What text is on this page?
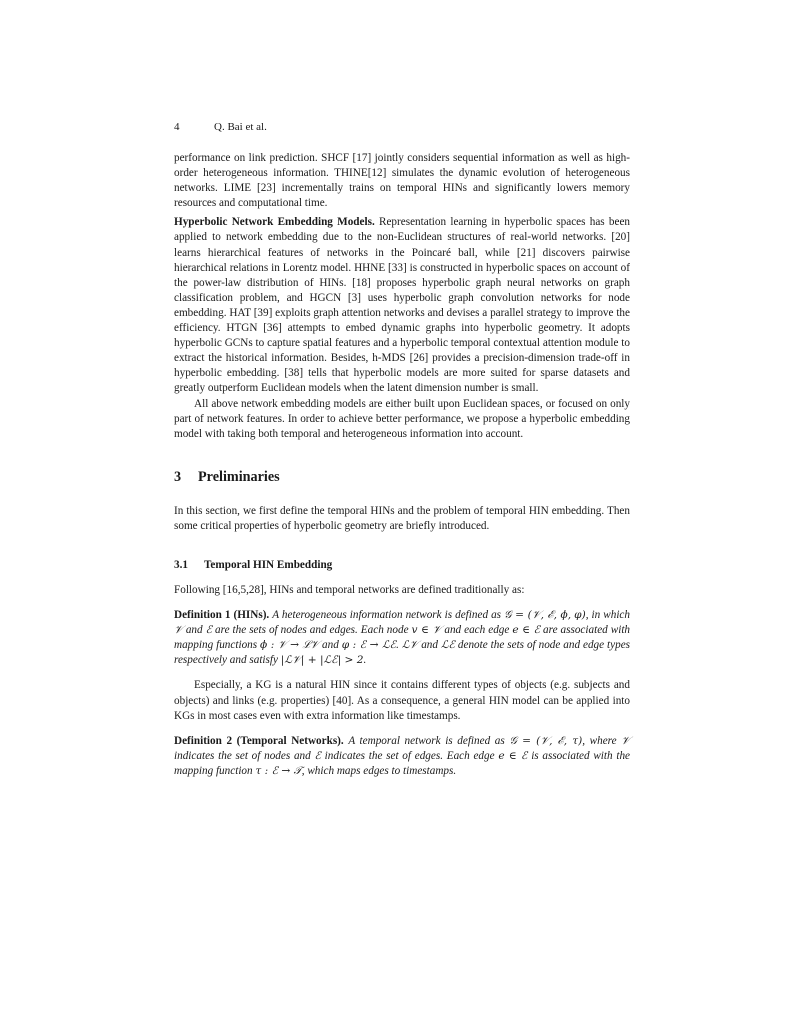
4	Q. Bai et al.

performance on link prediction. SHCF [17] jointly considers sequential information as well as high-order heterogeneous information. THINE[12] simulates the dynamic evolution of heterogeneous networks. LIME [23] incrementally trains on temporal HINs and significantly lowers memory resources and computational time.

Hyperbolic Network Embedding Models. Representation learning in hyperbolic spaces has been applied to network embedding due to the non-Euclidean structures of real-world networks. [20] learns hierarchical features of networks in the Poincaré ball, while [21] discovers pairwise hierarchical relations in Lorentz model. HHNE [33] is constructed in hyperbolic spaces on account of the power-law distribution of HINs. [18] proposes hyperbolic graph neural networks on graph classification problem, and HGCN [3] uses hyperbolic graph convolution networks for node embedding. HAT [39] exploits graph attention networks and devises a parallel strategy to improve the efficiency. HTGN [36] attempts to embed dynamic graphs into hyperbolic geometry. It adopts hyperbolic GCNs to capture spatial features and a hyperbolic temporal contextual attention module to extract the historical information. Besides, h-MDS [26] provides a precision-dimension trade-off in hyperbolic embedding. [38] tells that hyperbolic models are more suited for sparse datasets and greatly outperform Euclidean models when the latent dimension number is small.

All above network embedding models are either built upon Euclidean spaces, or focused on only part of network features. In order to achieve better performance, we propose a hyperbolic embedding model with taking both temporal and heterogeneous information into account.

3 Preliminaries

In this section, we first define the temporal HINs and the problem of temporal HIN embedding. Then some critical properties of hyperbolic geometry are briefly introduced.

3.1 Temporal HIN Embedding

Following [16,5,28], HINs and temporal networks are defined traditionally as:

Definition 1 (HINs). A heterogeneous information network is defined as 𝒢 = (𝒱, ℰ, ϕ, φ), in which 𝒱 and ℰ are the sets of nodes and edges. Each node v ∈ 𝒱 and each edge e ∈ ℰ are associated with mapping functions ϕ : 𝒱 → ℒ𝒱 and φ : ℰ → ℒℰ. ℒ𝒱 and ℒℰ denote the sets of node and edge types respectively and satisfy |ℒ𝒱| + |ℒℰ| > 2.

Especially, a KG is a natural HIN since it contains different types of objects (e.g. subjects and objects) and links (e.g. properties) [40]. As a consequence, a general HIN model can be applied into KGs in most cases even with extra information like timestamps.

Definition 2 (Temporal Networks). A temporal network is defined as 𝒢 = (𝒱, ℰ, τ), where 𝒱 indicates the set of nodes and ℰ indicates the set of edges. Each edge e ∈ ℰ is associated with the mapping function τ : ℰ → 𝒯, which maps edges to timestamps.
